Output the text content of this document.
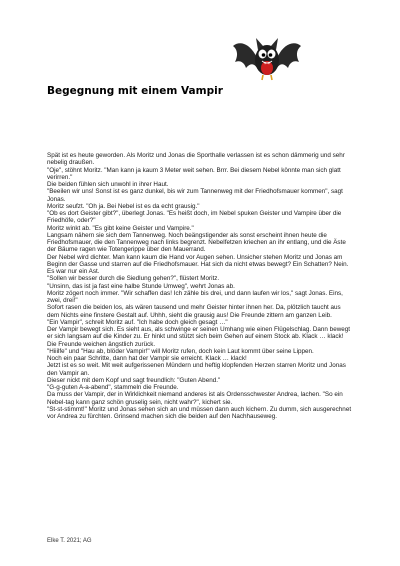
Begegnung mit einem Vampir

Spät ist es heute geworden. Als Moritz und Jonas die Sporthalle verlassen ist es schon dämmerig und sehr nebelig draußen.

"Oje", stöhnt Moritz. "Man kann ja kaum 3 Meter weit sehen. Brrr. Bei diesem Nebel könnte man sich glatt verirren."

Die beiden fühlen sich unwohl in ihrer Haut.

"Beeilen wir uns! Sonst ist es ganz dunkel, bis wir zum Tannenweg mit der Friedhofsmauer kommen", sagt Jonas.

Moritz seufzt. "Oh ja. Bei Nebel ist es da echt grausig."

"Ob es dort Geister gibt?", überlegt Jonas. "Es heißt doch, im Nebel spuken Geister und Vampire über die Friedhöfe, oder?"

Moritz winkt ab. "Es gibt keine Geister und Vampire."

Langsam nähern sie sich dem Tannenweg. Noch beängstigender als sonst erscheint ihnen heute die Friedhofsmauer, die den Tannenweg nach links begrenzt. Nebelfetzen kriechen an ihr entlang, und die Äste der Bäume ragen wie Totengerippe über den Mauerrand.

Der Nebel wird dichter. Man kann kaum die Hand vor Augen sehen. Unsicher stehen Moritz und Jonas am Beginn der Gasse und starren auf die Friedhofsmauer. Hat sich da nicht etwas bewegt? Ein Schatten? Nein. Es war nur ein Ast.

"Sollen wir besser durch die Siedlung gehen?", flüstert Moritz.

"Unsinn, das ist ja fast eine halbe Stunde Umweg", wehrt Jonas ab.

Moritz zögert noch immer. "Wir schaffen das! Ich zähle bis drei, und dann laufen wir los," sagt Jonas. Eins, zwei, drei!"

Sofort rasen die beiden los, als wären tausend und mehr Geister hinter ihnen her. Da, plötzlich taucht aus dem Nichts eine finstere Gestalt auf. Uhhh, sieht die grausig aus! Die Freunde zittern am ganzen Leib.

"Ein Vampir", schreit Moritz auf. "Ich habe doch gleich gesagt …"

Der Vampir bewegt sich. Es sieht aus, als schwinge er seinen Umhang wie einen Flügelschlag. Dann bewegt er sich langsam auf die Kinder zu. Er hinkt und stützt sich beim Gehen auf einem Stock ab. Klack … klack!

Die Freunde weichen ängstlich zurück.

"Hiiilfe" und "Hau ab, blöder Vampir!" will Moritz rufen, doch kein Laut kommt über seine Lippen.

Noch ein paar Schritte, dann hat der Vampir sie erreicht. Klack … klack!

Jetzt ist es so weit. Mit weit aufgerissenen Mündern und heftig klopfenden Herzen starren Moritz und Jonas den Vampir an.

Dieser nickt mit dem Kopf und sagt freundlich: "Guten Abend."

"G-g-guten A-a-abend", stammeln die Freunde.

Da muss der Vampir, der in Wirklichkeit niemand anderes ist als Ordensschwester Andrea, lachen. "So ein Nebel-tag kann ganz schön gruselig sein, nicht wahr?", kichert sie.

"St-st-stimmt!" Moritz und Jonas sehen sich an und müssen dann auch kichern. Zu dumm, sich ausgerechnet vor Andrea zu fürchten. Grinsend machen sich die beiden auf den Nachhauseweg.

Elke T. 2021; AG
